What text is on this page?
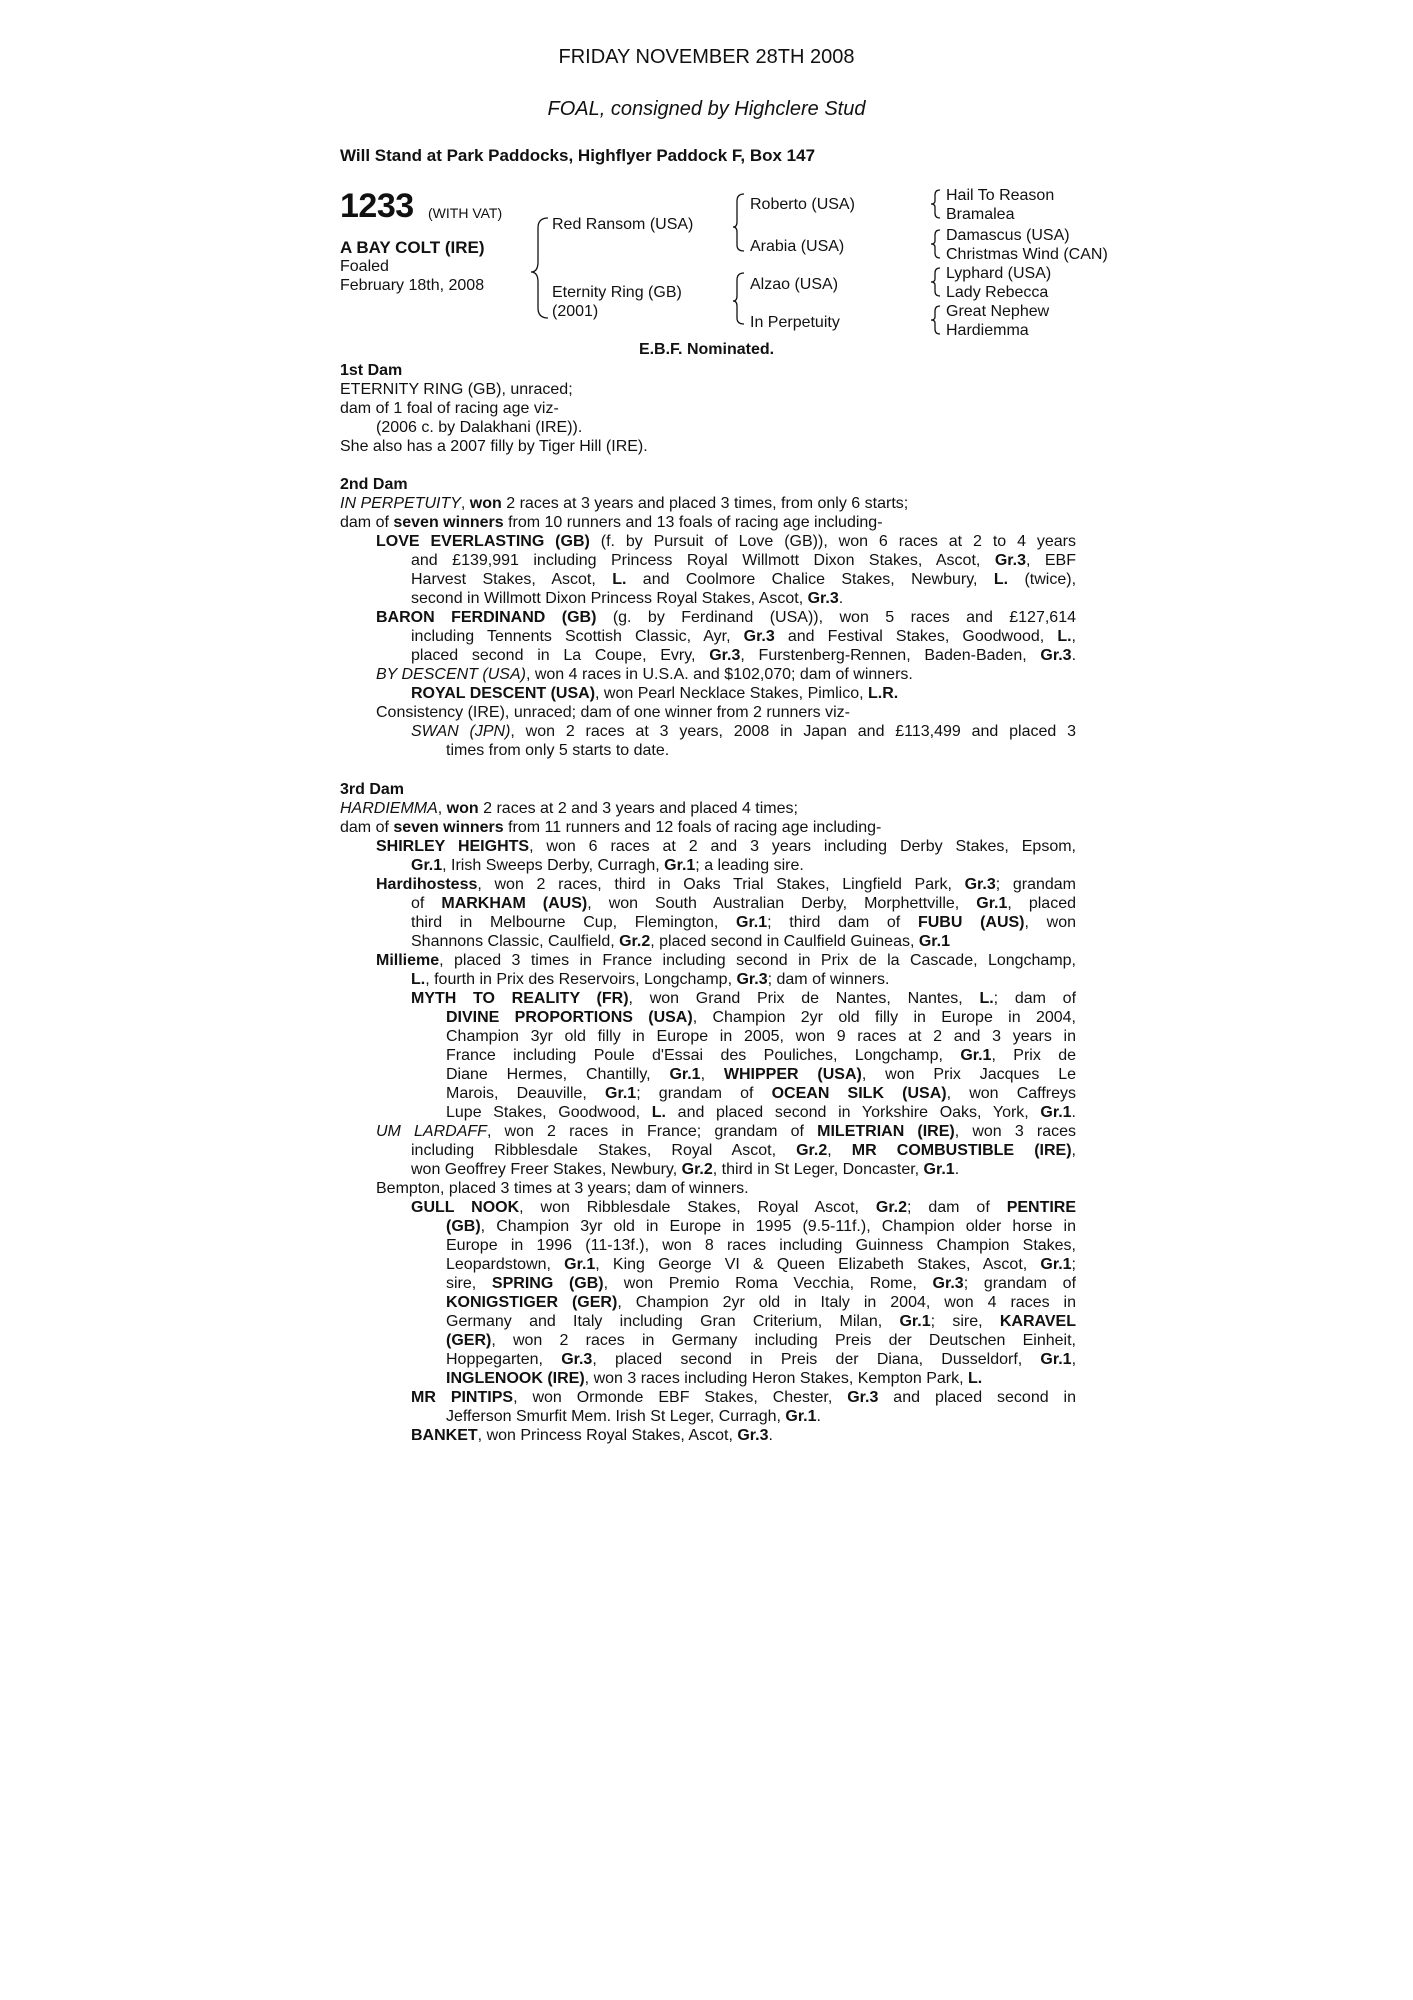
FRIDAY NOVEMBER 28TH 2008
FOAL, consigned by Highclere Stud
Will Stand at Park Paddocks, Highflyer Paddock F, Box 147
1233 (WITH VAT)
A BAY COLT (IRE)
Foaled
February 18th, 2008
Red Ransom (USA)
Eternity Ring (GB)
(2001)
Roberto (USA)
Arabia (USA)
Alzao (USA)
In Perpetuity
Hail To Reason
Bramalea
Damascus (USA)
Christmas Wind (CAN)
Lyphard (USA)
Lady Rebecca
Great Nephew
Hardiemma
E.B.F. Nominated.
1st Dam
ETERNITY RING (GB), unraced;
dam of 1 foal of racing age viz-
(2006 c. by Dalakhani (IRE)).
She also has a 2007 filly by Tiger Hill (IRE).
2nd Dam
IN PERPETUITY, won 2 races at 3 years and placed 3 times, from only 6 starts;
dam of seven winners from 10 runners and 13 foals of racing age including-
LOVE EVERLASTING (GB) (f. by Pursuit of Love (GB)), won 6 races at 2 to 4 years
and £139,991 including Princess Royal Willmott Dixon Stakes, Ascot, Gr.3, EBF
Harvest Stakes, Ascot, L. and Coolmore Chalice Stakes, Newbury, L. (twice),
second in Willmott Dixon Princess Royal Stakes, Ascot, Gr.3.
BARON FERDINAND (GB) (g. by Ferdinand (USA)), won 5 races and £127,614
including Tennents Scottish Classic, Ayr, Gr.3 and Festival Stakes, Goodwood, L.,
placed second in La Coupe, Evry, Gr.3, Furstenberg-Rennen, Baden-Baden, Gr.3.
BY DESCENT (USA), won 4 races in U.S.A. and $102,070; dam of winners.
ROYAL DESCENT (USA), won Pearl Necklace Stakes, Pimlico, L.R.
Consistency (IRE), unraced; dam of one winner from 2 runners viz-
SWAN (JPN), won 2 races at 3 years, 2008 in Japan and £113,499 and placed 3
times from only 5 starts to date.
3rd Dam
HARDIEMMA, won 2 races at 2 and 3 years and placed 4 times;
dam of seven winners from 11 runners and 12 foals of racing age including-
SHIRLEY HEIGHTS, won 6 races at 2 and 3 years including Derby Stakes, Epsom,
Gr.1, Irish Sweeps Derby, Curragh, Gr.1; a leading sire.
Hardihostess, won 2 races, third in Oaks Trial Stakes, Lingfield Park, Gr.3; grandam
of MARKHAM (AUS), won South Australian Derby, Morphettville, Gr.1, placed
third in Melbourne Cup, Flemington, Gr.1; third dam of FUBU (AUS), won
Shannons Classic, Caulfield, Gr.2, placed second in Caulfield Guineas, Gr.1
Millieme, placed 3 times in France including second in Prix de la Cascade, Longchamp,
L., fourth in Prix des Reservoirs, Longchamp, Gr.3; dam of winners.
MYTH TO REALITY (FR), won Grand Prix de Nantes, Nantes, L.; dam of
DIVINE PROPORTIONS (USA), Champion 2yr old filly in Europe in 2004,
Champion 3yr old filly in Europe in 2005, won 9 races at 2 and 3 years in
France including Poule d'Essai des Pouliches, Longchamp, Gr.1, Prix de
Diane Hermes, Chantilly, Gr.1, WHIPPER (USA), won Prix Jacques Le
Marois, Deauville, Gr.1; grandam of OCEAN SILK (USA), won Caffreys
Lupe Stakes, Goodwood, L. and placed second in Yorkshire Oaks, York, Gr.1.
UM LARDAFF, won 2 races in France; grandam of MILETRIAN (IRE), won 3 races
including Ribblesdale Stakes, Royal Ascot, Gr.2, MR COMBUSTIBLE (IRE),
won Geoffrey Freer Stakes, Newbury, Gr.2, third in St Leger, Doncaster, Gr.1.
Bempton, placed 3 times at 3 years; dam of winners.
GULL NOOK, won Ribblesdale Stakes, Royal Ascot, Gr.2; dam of PENTIRE
(GB), Champion 3yr old in Europe in 1995 (9.5-11f.), Champion older horse in
Europe in 1996 (11-13f.), won 8 races including Guinness Champion Stakes,
Leopardstown, Gr.1, King George VI & Queen Elizabeth Stakes, Ascot, Gr.1;
sire, SPRING (GB), won Premio Roma Vecchia, Rome, Gr.3; grandam of
KONIGSTIGER (GER), Champion 2yr old in Italy in 2004, won 4 races in
Germany and Italy including Gran Criterium, Milan, Gr.1; sire, KARAVEL
(GER), won 2 races in Germany including Preis der Deutschen Einheit,
Hoppegarten, Gr.3, placed second in Preis der Diana, Dusseldorf, Gr.1,
INGLENOOK (IRE), won 3 races including Heron Stakes, Kempton Park, L.
MR PINTIPS, won Ormonde EBF Stakes, Chester, Gr.3 and placed second in
Jefferson Smurfit Mem. Irish St Leger, Curragh, Gr.1.
BANKET, won Princess Royal Stakes, Ascot, Gr.3.
